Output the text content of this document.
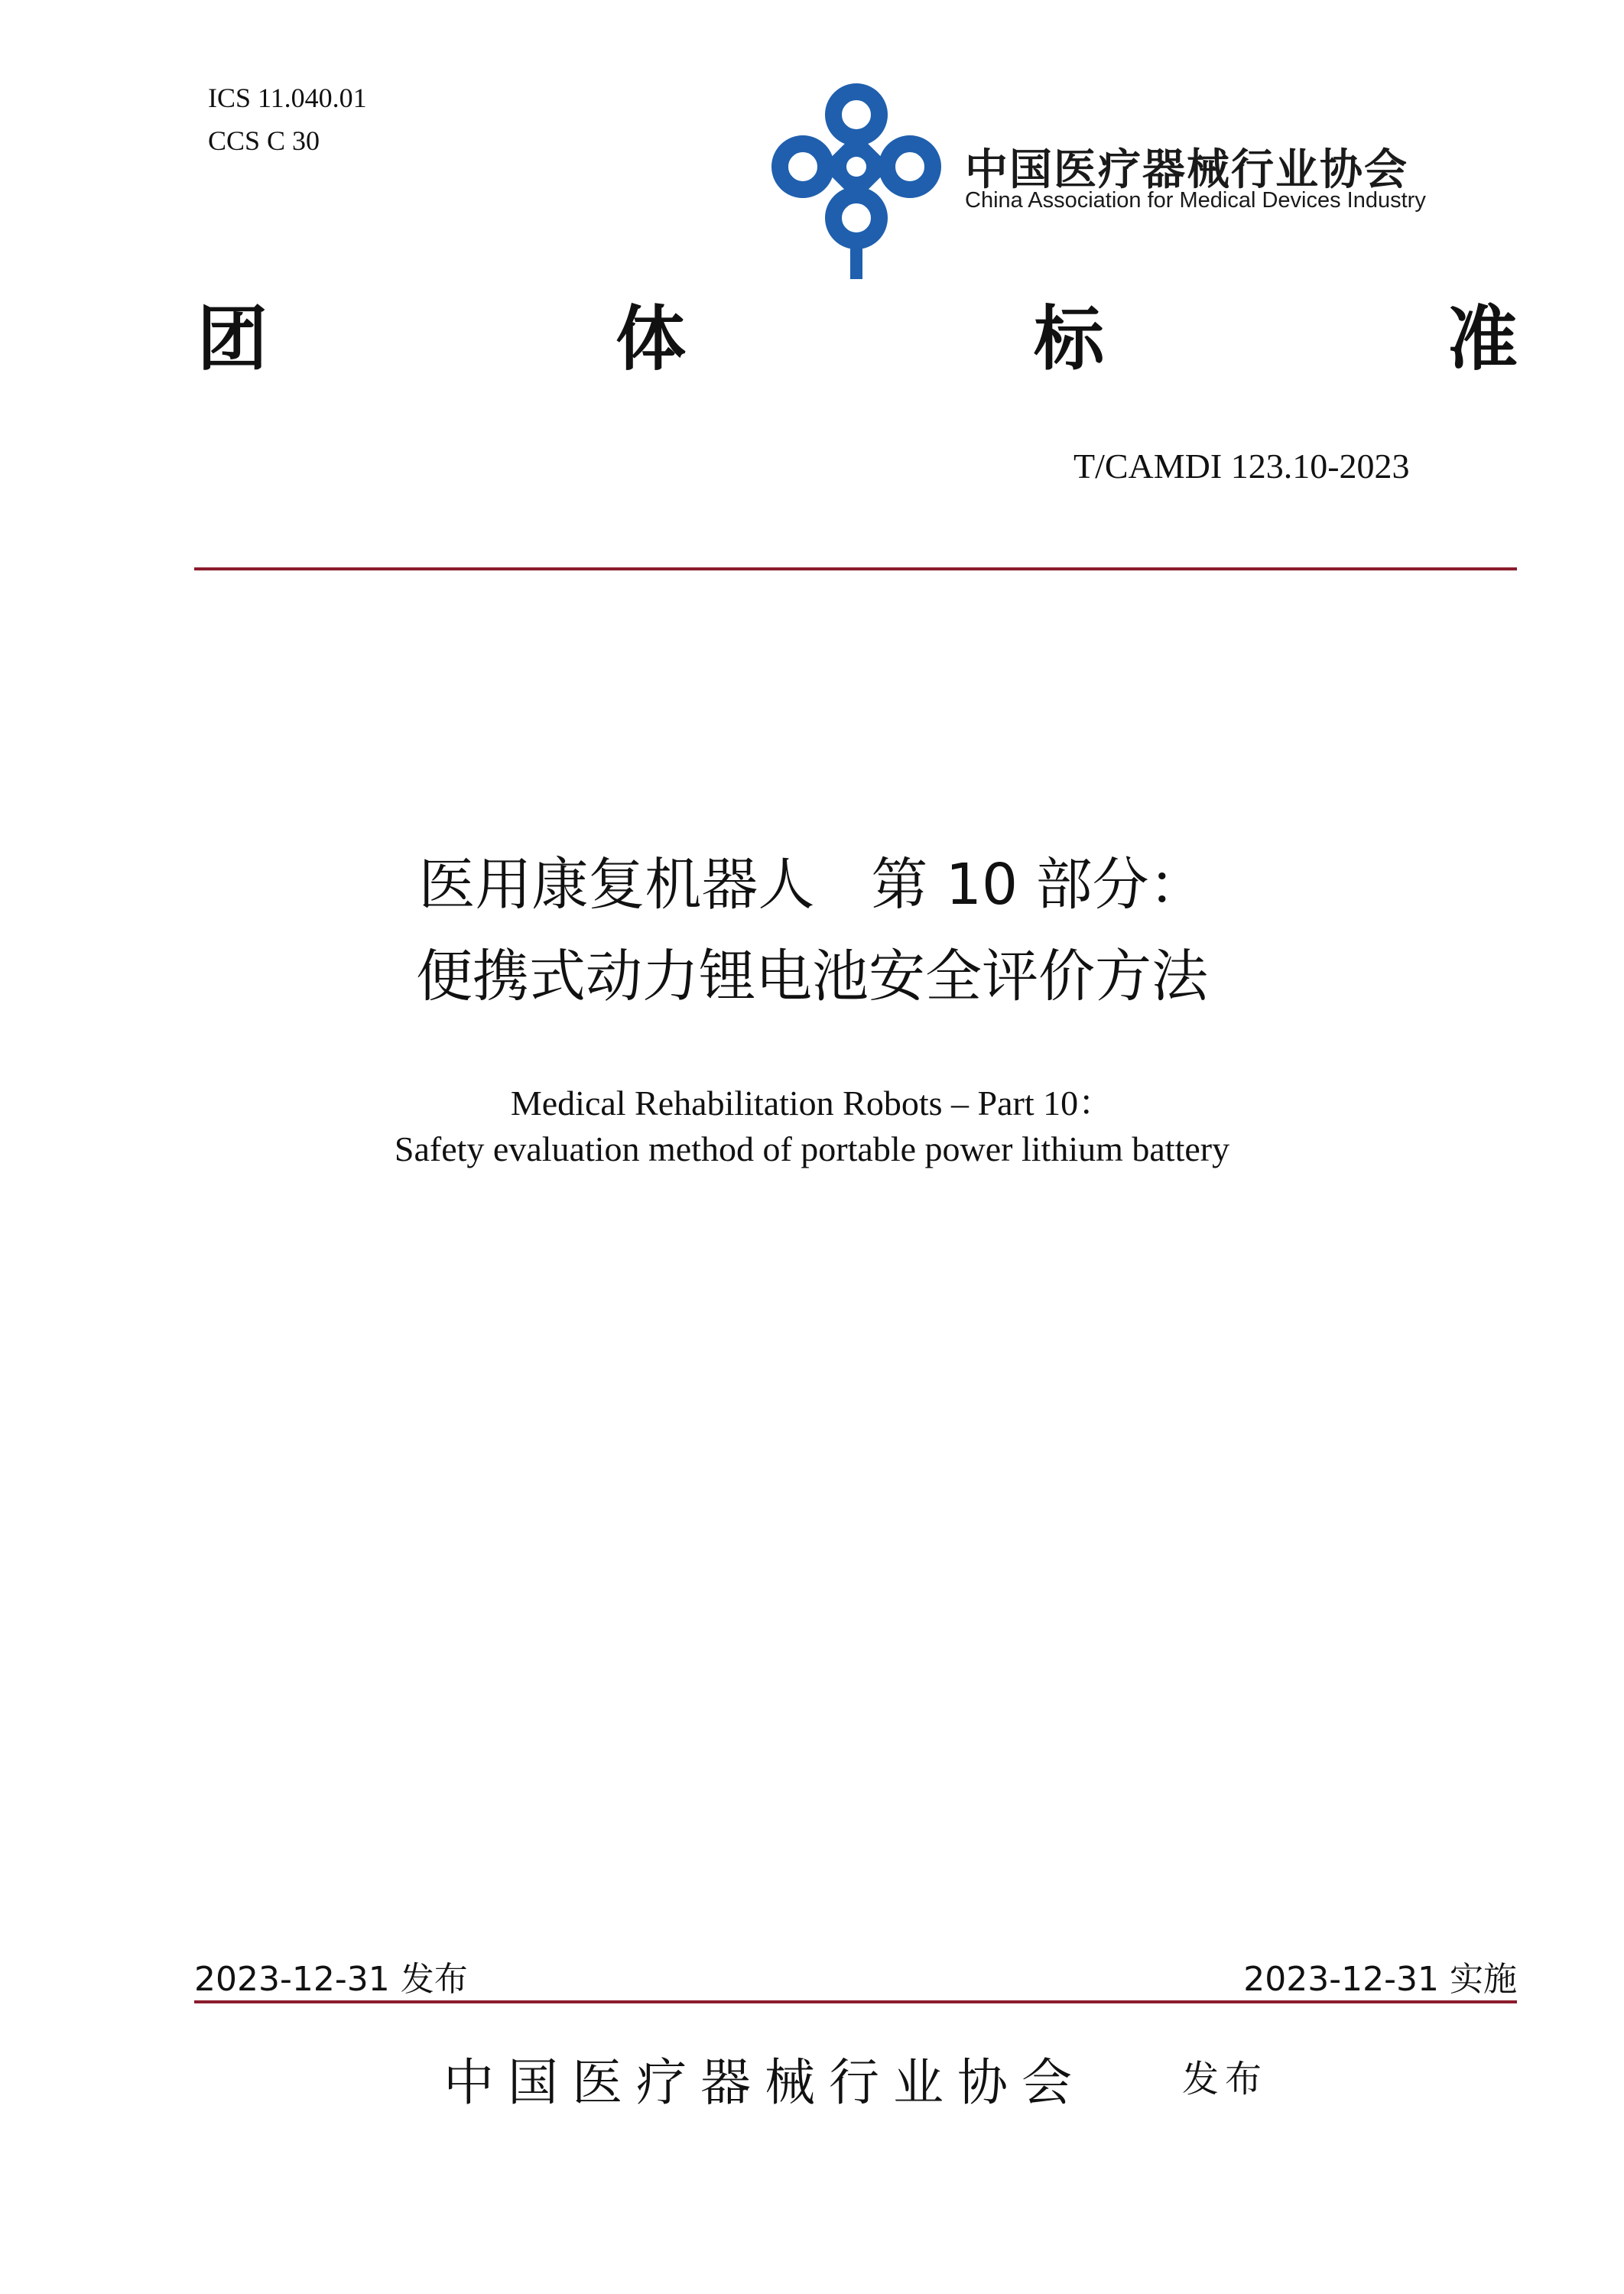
ICS 11.040.01
CCS C 30
中国医疗器械行业协会
China Association for Medical Devices Industry
团	体	标	准
T/CAMDI 123.10-2023
医用康复机器人　第 10 部分：
便携式动力锂电池安全评价方法
Medical Rehabilitation Robots – Part 10：
Safety evaluation method of portable power lithium battery
2023-12-31 发布	2023-12-31 实施
中国医疗器械行业协会	发布
